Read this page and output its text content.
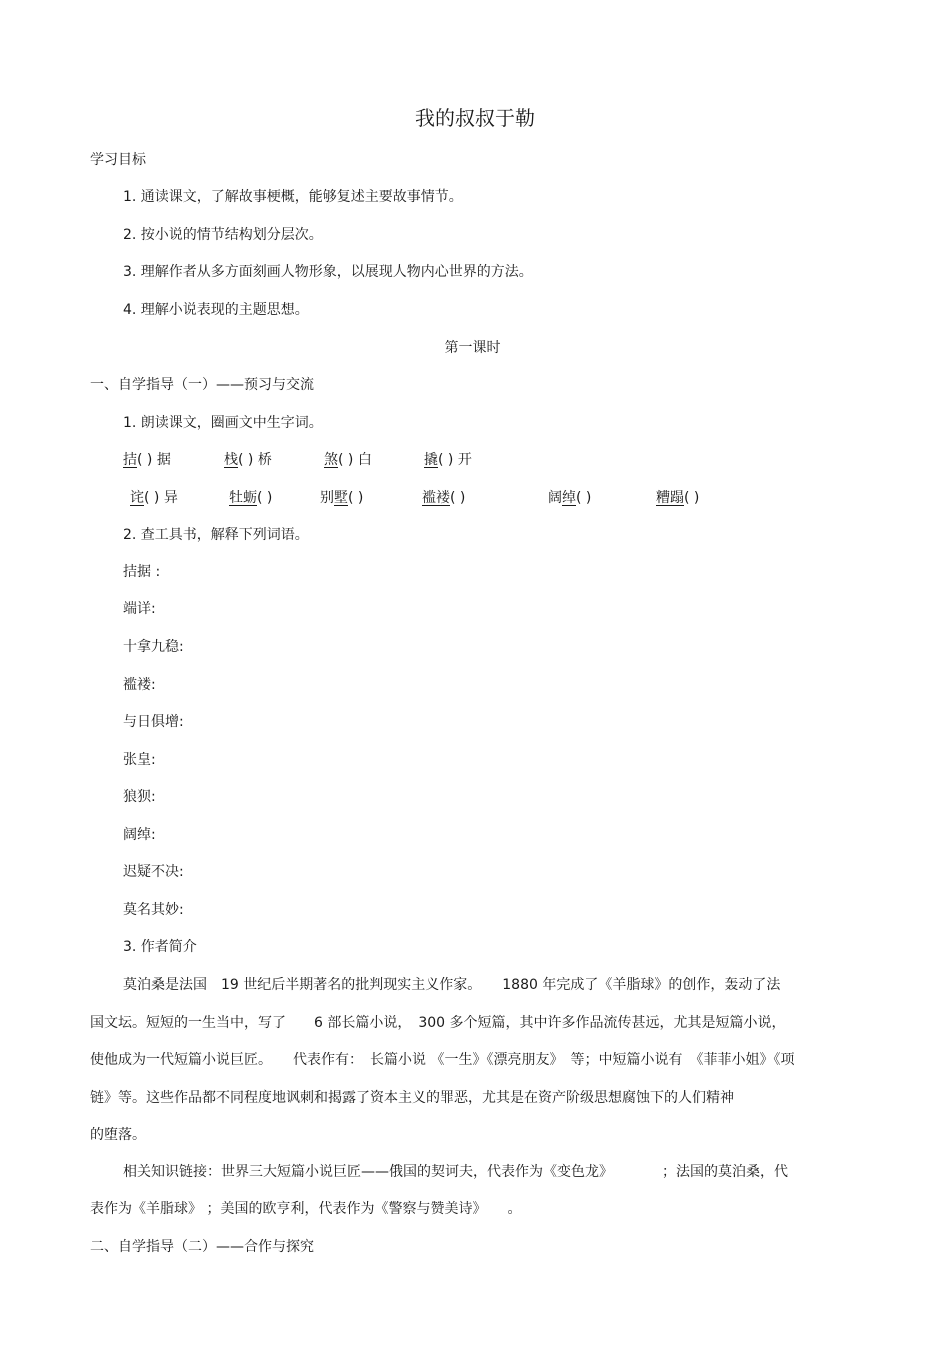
我的叔叔于勒
学习目标
1. 通读课文，了解故事梗概，能够复述主要故事情节。
2. 按小说的情节结构划分层次。
3. 理解作者从多方面刻画人物形象，以展现人物内心世界的方法。
4. 理解小说表现的主题思想。
第一课时
一、自学指导（一）——预习与交流
1. 朗读课文，圈画文中生字词。
拮( ) 据	栈( ) 桥	煞( ) 白	撬( ) 开
诧( ) 异	牡蛎( )	别墅( )	褴褛( )	阔绰( )	糟蹋( )
2. 查工具书，解释下列词语。
拮据 :
端详:
十拿九稳:
褴褛:
与日俱增:
张皇:
狼狈:
阔绰:
迟疑不决:
莫名其妙:
3. 作者简介
莫泊桑是法国　19 世纪后半期著名的批判现实主义作家。　　1880 年完成了《羊脂球》的创作，轰动了法
国文坛。短短的一生当中，写了　　6 部长篇小说，　300 多个短篇，其中许多作品流传甚远，尤其是短篇小说，
使他成为一代短篇小说巨匠。　　代表作有：　长篇小说 《一生》《漂亮朋友》　等；中短篇小说有　《菲菲小姐》《项
链》等。这些作品都不同程度地讽刺和揭露了资本主义的罪恶，尤其是在资产阶级思想腐蚀下的人们精神
的堕落。
相关知识链接：世界三大短篇小说巨匠——俄国的契诃夫，代表作为《变色龙》　　　　；法国的莫泊桑，代
表作为《羊脂球》 ；美国的欧亨利，代表作为《警察与赞美诗》　　。
二、自学指导（二）——合作与探究
